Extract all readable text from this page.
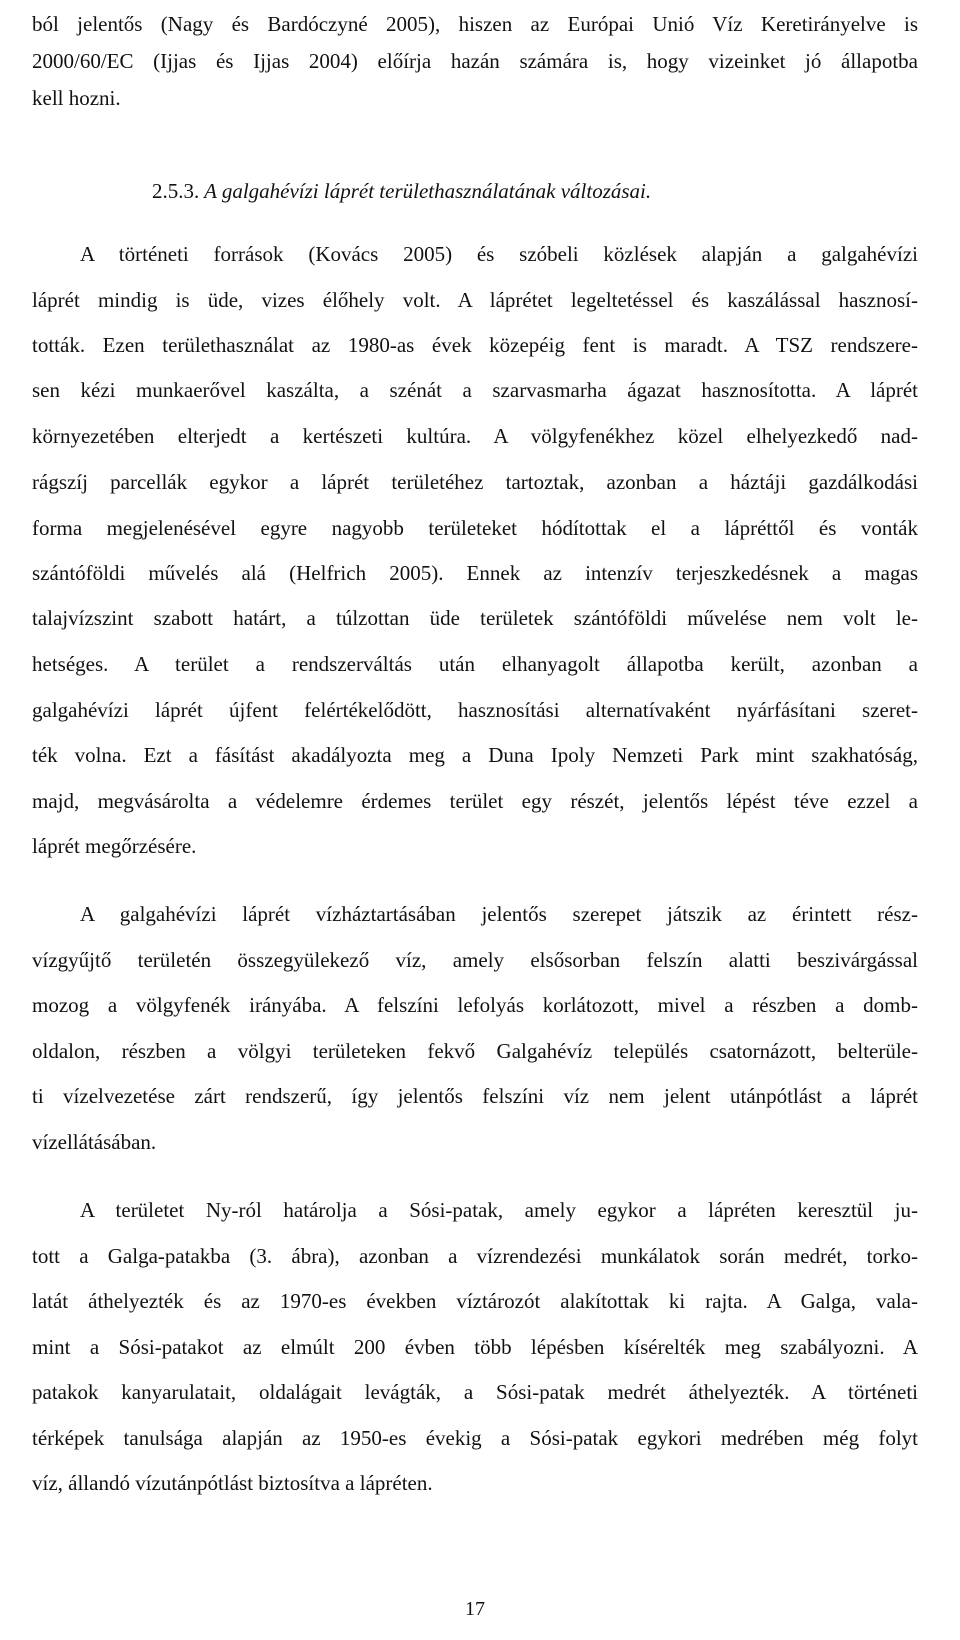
ból jelentős (Nagy és Bardóczyné 2005), hiszen az Európai Unió Víz Keretirányelve is
2000/60/EC (Ijjas és Ijjas 2004) előírja hazán számára is, hogy vizeinket jó állapotba
kell hozni.
2.5.3. A galgahévízi láprét területhasználatának változásai.
A történeti források (Kovács 2005) és szóbeli közlések alapján a galgahévízi
láprét mindig is üde, vizes élőhely volt. A láprétet legeltetéssel és kaszálással hasznosí-
tották. Ezen területhasználat az 1980-as évek közepéig fent is maradt. A TSZ rendszere-
sen kézi munkaerővel kaszálta, a szénát a szarvasmarha ágazat hasznosította. A láprét
környezetében elterjedt a kertészeti kultúra. A völgyfenékhez közel elhelyezkedő nad-
rágszíj parcellák egykor a láprét területéhez tartoztak, azonban a háztáji gazdálkodási
forma megjelenésével egyre nagyobb területeket hódítottak el a lápréttől és vonták
szántóföldi művelés alá (Helfrich 2005). Ennek az intenzív terjeszkedésnek a magas
talajvízszint szabott határt, a túlzottan üde területek szántóföldi művelése nem volt le-
hetséges. A terület a rendszerváltás után elhanyagolt állapotba került, azonban a
galgahévízi láprét újfent felértékelődött, hasznosítási alternatívaként nyárfásítani szeret-
ték volna. Ezt a fásítást akadályozta meg a Duna Ipoly Nemzeti Park mint szakhatóság,
majd, megvásárolta a védelemre érdemes terület egy részét, jelentős lépést téve ezzel a
láprét megőrzésére.
A galgahévízi láprét vízháztartásában jelentős szerepet játszik az érintett rész-
vízgyűjtő területén összegyülekező víz, amely elsősorban felszín alatti beszivárgással
mozog a völgyfenék irányába. A felszíni lefolyás korlátozott, mivel a részben a domb-
oldalon, részben a völgyi területeken fekvő Galgahévíz település csatornázott, belterüle-
ti vízelvezetése zárt rendszerű, így jelentős felszíni víz nem jelent utánpótlást a láprét
vízellátásában.
A területet Ny-ról határolja a Sósi-patak, amely egykor a lápréten keresztül ju-
tott a Galga-patakba (3. ábra), azonban a vízrendezési munkálatok során medrét, torko-
latát áthelyezték és az 1970-es években víztározót alakítottak ki rajta. A Galga, vala-
mint a Sósi-patakot az elmúlt 200 évben több lépésben kísérelték meg szabályozni. A
patakok kanyarulatait, oldalágait levágták, a Sósi-patak medrét áthelyezték. A történeti
térképek tanulsága alapján az 1950-es évekig a Sósi-patak egykori medrében még folyt
víz, állandó vízutánpótlást biztosítva a lápréten.
17
